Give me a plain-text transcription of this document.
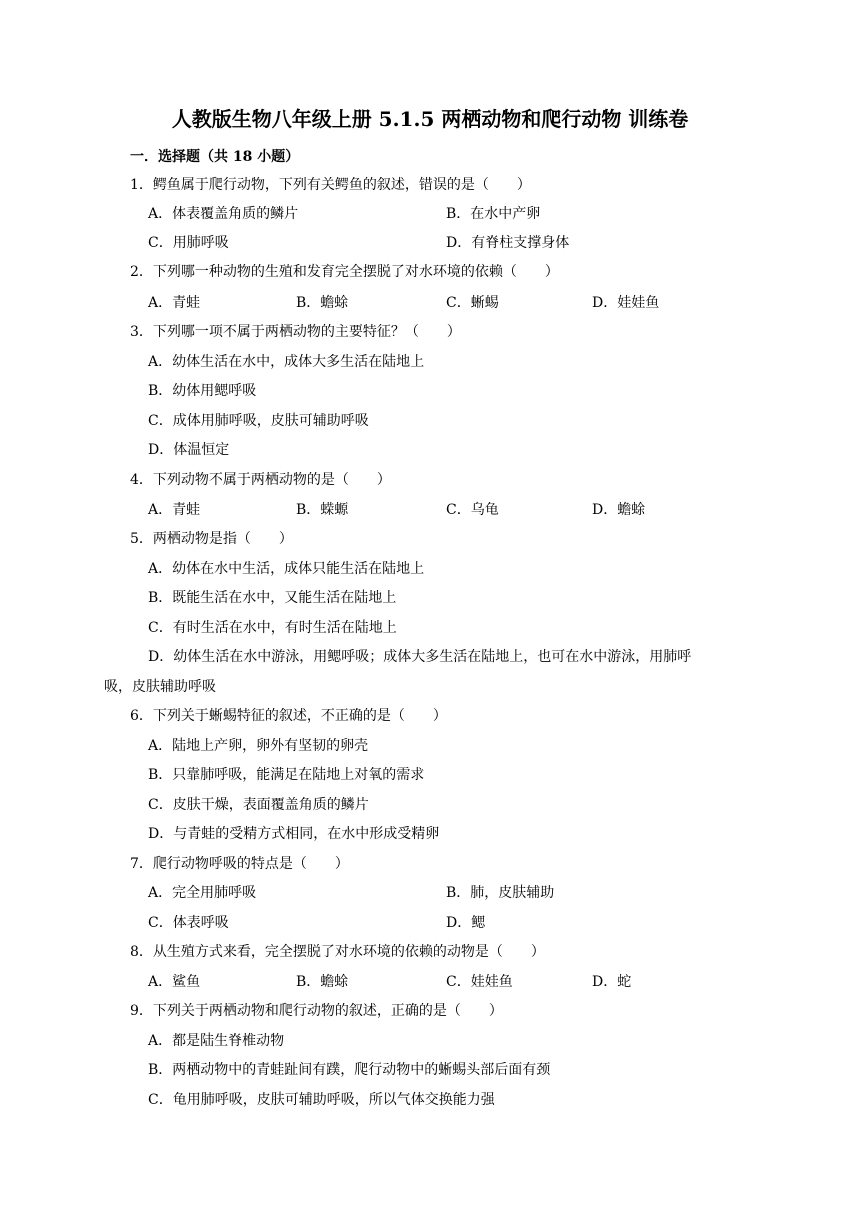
人教版生物八年级上册 5.1.5 两栖动物和爬行动物 训练卷
一．选择题（共 18 小题）
1．鳄鱼属于爬行动物，下列有关鳄鱼的叙述，错误的是（　　）
A．体表覆盖角质的鳞片	B．在水中产卵
C．用肺呼吸	D．有脊柱支撑身体
2．下列哪一种动物的生殖和发育完全摆脱了对水环境的依赖（　　）
A．青蛙	B．蟾蜍	C．蜥蜴	D．娃娃鱼
3．下列哪一项不属于两栖动物的主要特征？（　　）
A．幼体生活在水中，成体大多生活在陆地上
B．幼体用鳃呼吸
C．成体用肺呼吸，皮肤可辅助呼吸
D．体温恒定
4．下列动物不属于两栖动物的是（　　）
A．青蛙	B．蝾螈	C．乌龟	D．蟾蜍
5．两栖动物是指（　　）
A．幼体在水中生活，成体只能生活在陆地上
B．既能生活在水中，又能生活在陆地上
C．有时生活在水中，有时生活在陆地上
D．幼体生活在水中游泳，用鳃呼吸；成体大多生活在陆地上，也可在水中游泳，用肺呼
吸，皮肤辅助呼吸
6．下列关于蜥蜴特征的叙述，不正确的是（　　）
A．陆地上产卵，卵外有坚韧的卵壳
B．只靠肺呼吸，能满足在陆地上对氧的需求
C．皮肤干燥，表面覆盖角质的鳞片
D．与青蛙的受精方式相同，在水中形成受精卵
7．爬行动物呼吸的特点是（　　）
A．完全用肺呼吸	B．肺，皮肤辅助
C．体表呼吸	D．鳃
8．从生殖方式来看，完全摆脱了对水环境的依赖的动物是（　　）
A．鲨鱼	B．蟾蜍	C．娃娃鱼	D．蛇
9．下列关于两栖动物和爬行动物的叙述，正确的是（　　）
A．都是陆生脊椎动物
B．两栖动物中的青蛙趾间有蹼，爬行动物中的蜥蜴头部后面有颈
C．龟用肺呼吸，皮肤可辅助呼吸，所以气体交换能力强
